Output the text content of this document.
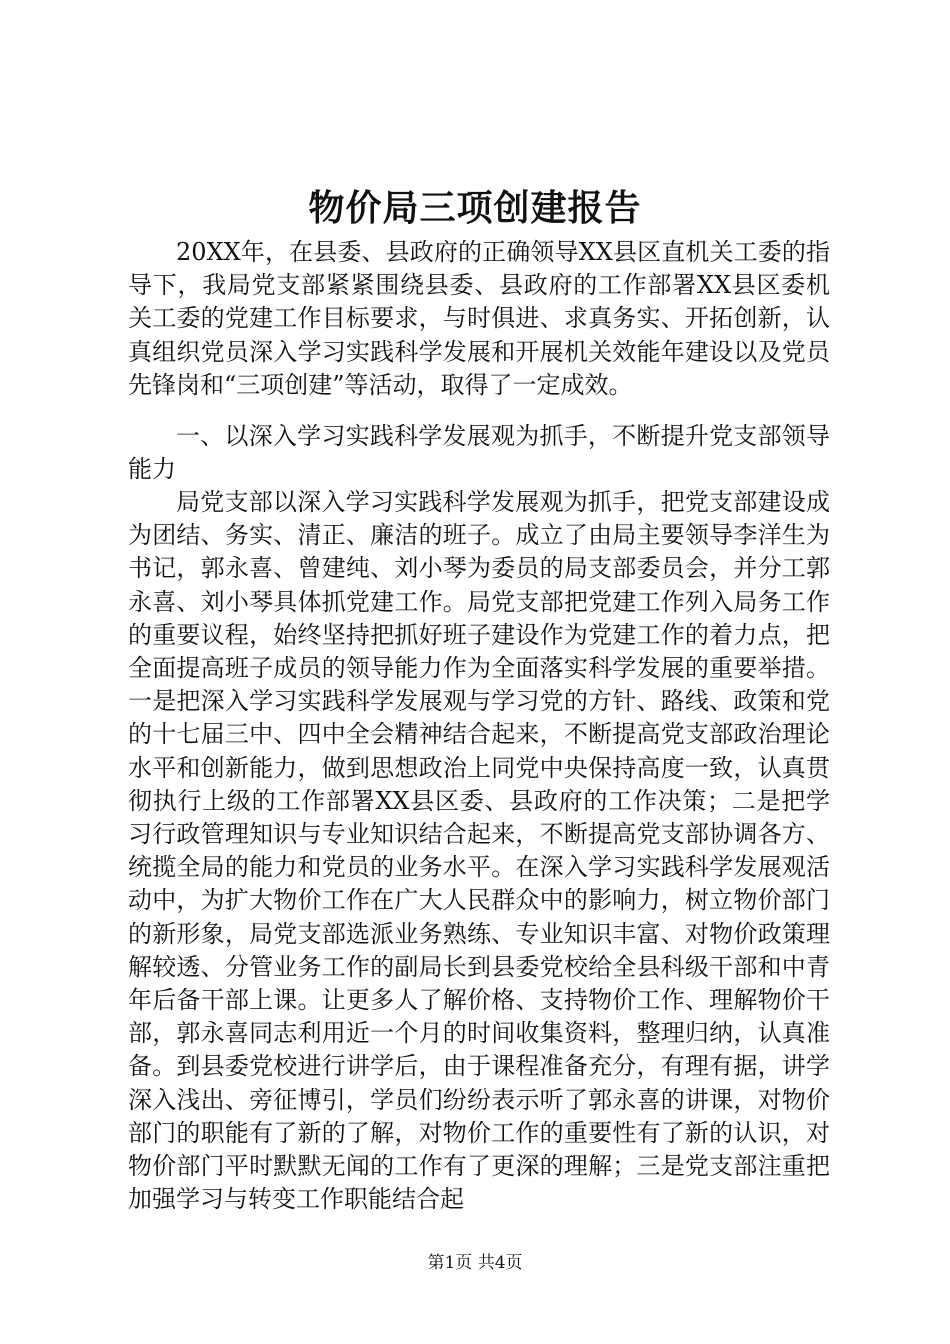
物价局三项创建报告

20XX年，在县委、县政府的正确领导XX县区直机关工委的指导下，我局党支部紧紧围绕县委、县政府的工作部署XX县区委机关工委的党建工作目标要求，与时俱进、求真务实、开拓创新，认真组织党员深入学习实践科学发展和开展机关效能年建设以及党员先锋岗和“三项创建”等活动，取得了一定成效。

一、以深入学习实践科学发展观为抓手，不断提升党支部领导能力

局党支部以深入学习实践科学发展观为抓手，把党支部建设成为团结、务实、清正、廉洁的班子。成立了由局主要领导李洋生为书记，郭永喜、曾建纯、刘小琴为委员的局支部委员会，并分工郭永喜、刘小琴具体抓党建工作。局党支部把党建工作列入局务工作的重要议程，始终坚持把抓好班子建设作为党建工作的着力点，把全面提高班子成员的领导能力作为全面落实科学发展的重要举措。一是把深入学习实践科学发展观与学习党的方针、路线、政策和党的十七届三中、四中全会精神结合起来，不断提高党支部政治理论水平和创新能力，做到思想政治上同党中央保持高度一致，认真贯彻执行上级的工作部署XX县区委、县政府的工作决策；二是把学习行政管理知识与专业知识结合起来，不断提高党支部协调各方、统揽全局的能力和党员的业务水平。在深入学习实践科学发展观活动中，为扩大物价工作在广大人民群众中的影响力，树立物价部门的新形象，局党支部选派业务熟练、专业知识丰富、对物价政策理解较透、分管业务工作的副局长到县委党校给全县科级干部和中青年后备干部上课。让更多人了解价格、支持物价工作、理解物价干部，郭永喜同志利用近一个月的时间收集资料，整理归纳，认真准备。到县委党校进行讲学后，由于课程准备充分，有理有据，讲学深入浅出、旁征博引，学员们纷纷表示听了郭永喜的讲课，对物价部门的职能有了新的了解，对物价工作的重要性有了新的认识，对物价部门平时默默无闻的工作有了更深的理解；三是党支部注重把加强学习与转变工作职能结合起

第1页 共4页
